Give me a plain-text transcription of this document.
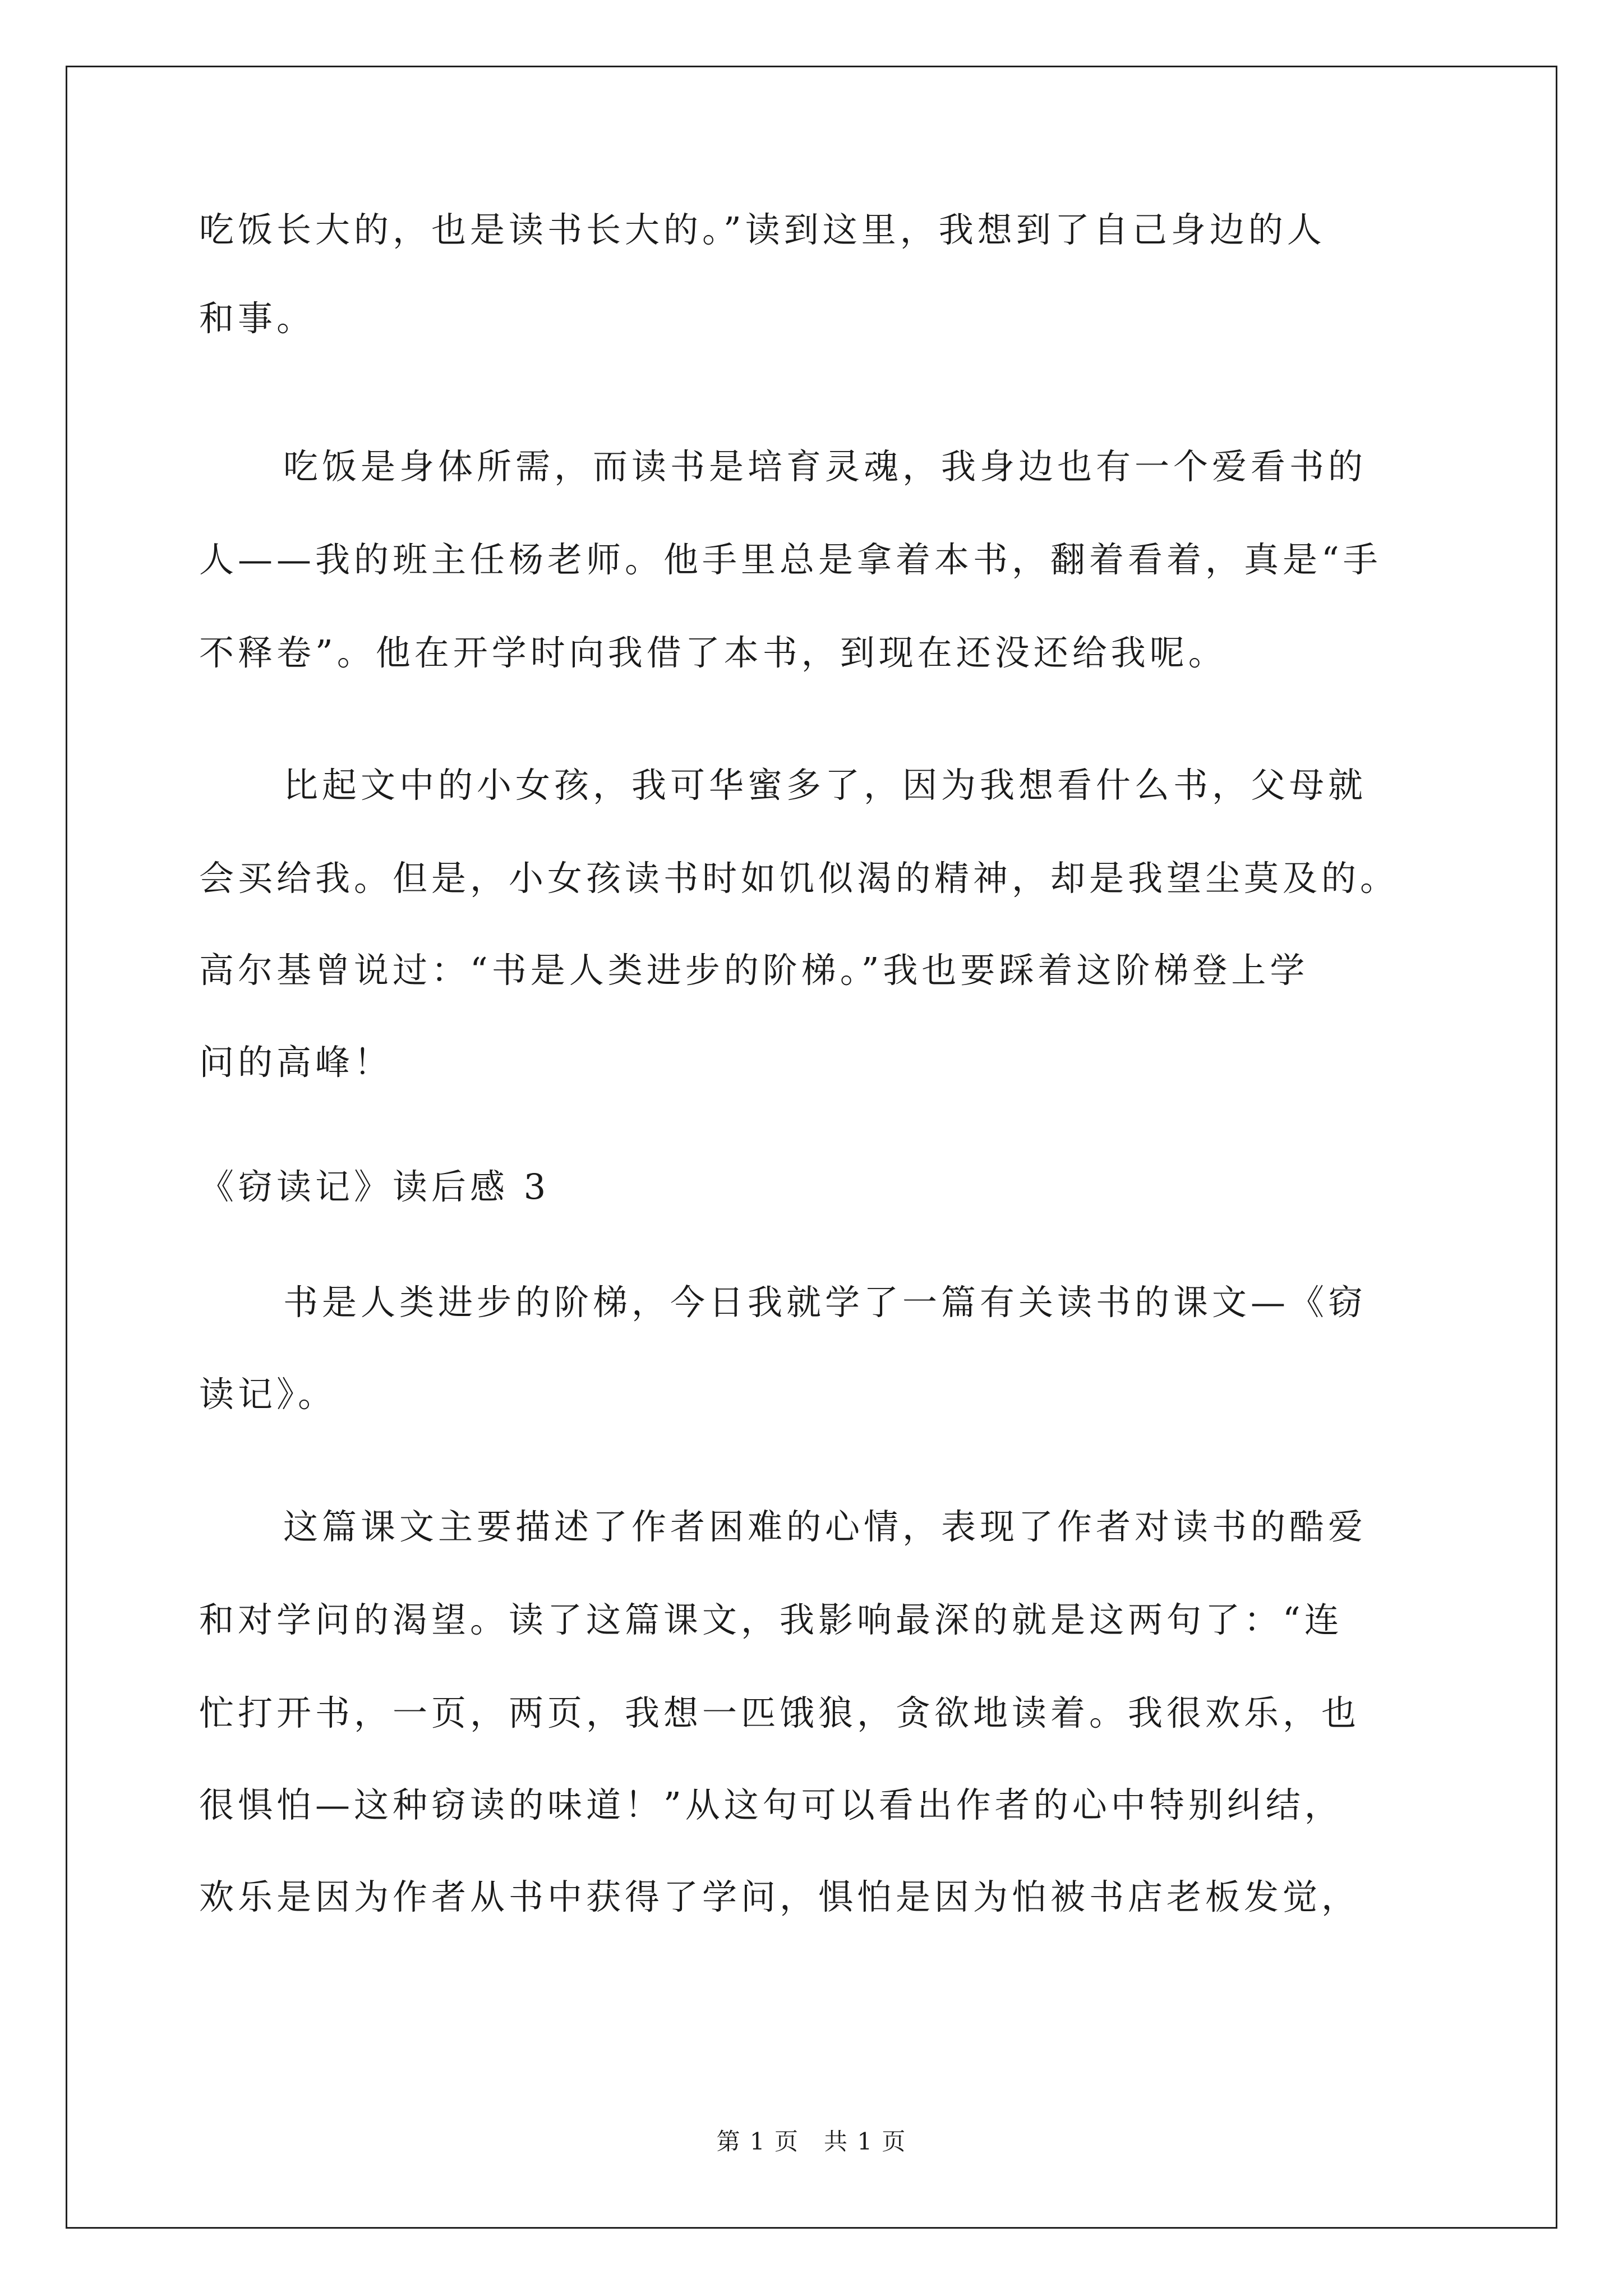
吃饭长大的，也是读书长大的。”读到这里，我想到了自己身边的人
和事。
吃饭是身体所需，而读书是培育灵魂，我身边也有一个爱看书的
人——我的班主任杨老师。他手里总是拿着本书，翻着看着，真是“手
不释卷”。他在开学时向我借了本书，到现在还没还给我呢。
比起文中的小女孩，我可华蜜多了，因为我想看什么书，父母就
会买给我。但是，小女孩读书时如饥似渴的精神，却是我望尘莫及的。
高尔基曾说过：“书是人类进步的阶梯。”我也要踩着这阶梯登上学
问的高峰！
《窃读记》读后感 3
书是人类进步的阶梯，今日我就学了一篇有关读书的课文—《窃
读记》。
这篇课文主要描述了作者困难的心情，表现了作者对读书的酷爱
和对学问的渴望。读了这篇课文，我影响最深的就是这两句了：“连
忙打开书，一页，两页，我想一匹饿狼，贪欲地读着。我很欢乐，也
很惧怕—这种窃读的味道！”从这句可以看出作者的心中特别纠结，
欢乐是因为作者从书中获得了学问，惧怕是因为怕被书店老板发觉，
第 1 页　共 1 页
